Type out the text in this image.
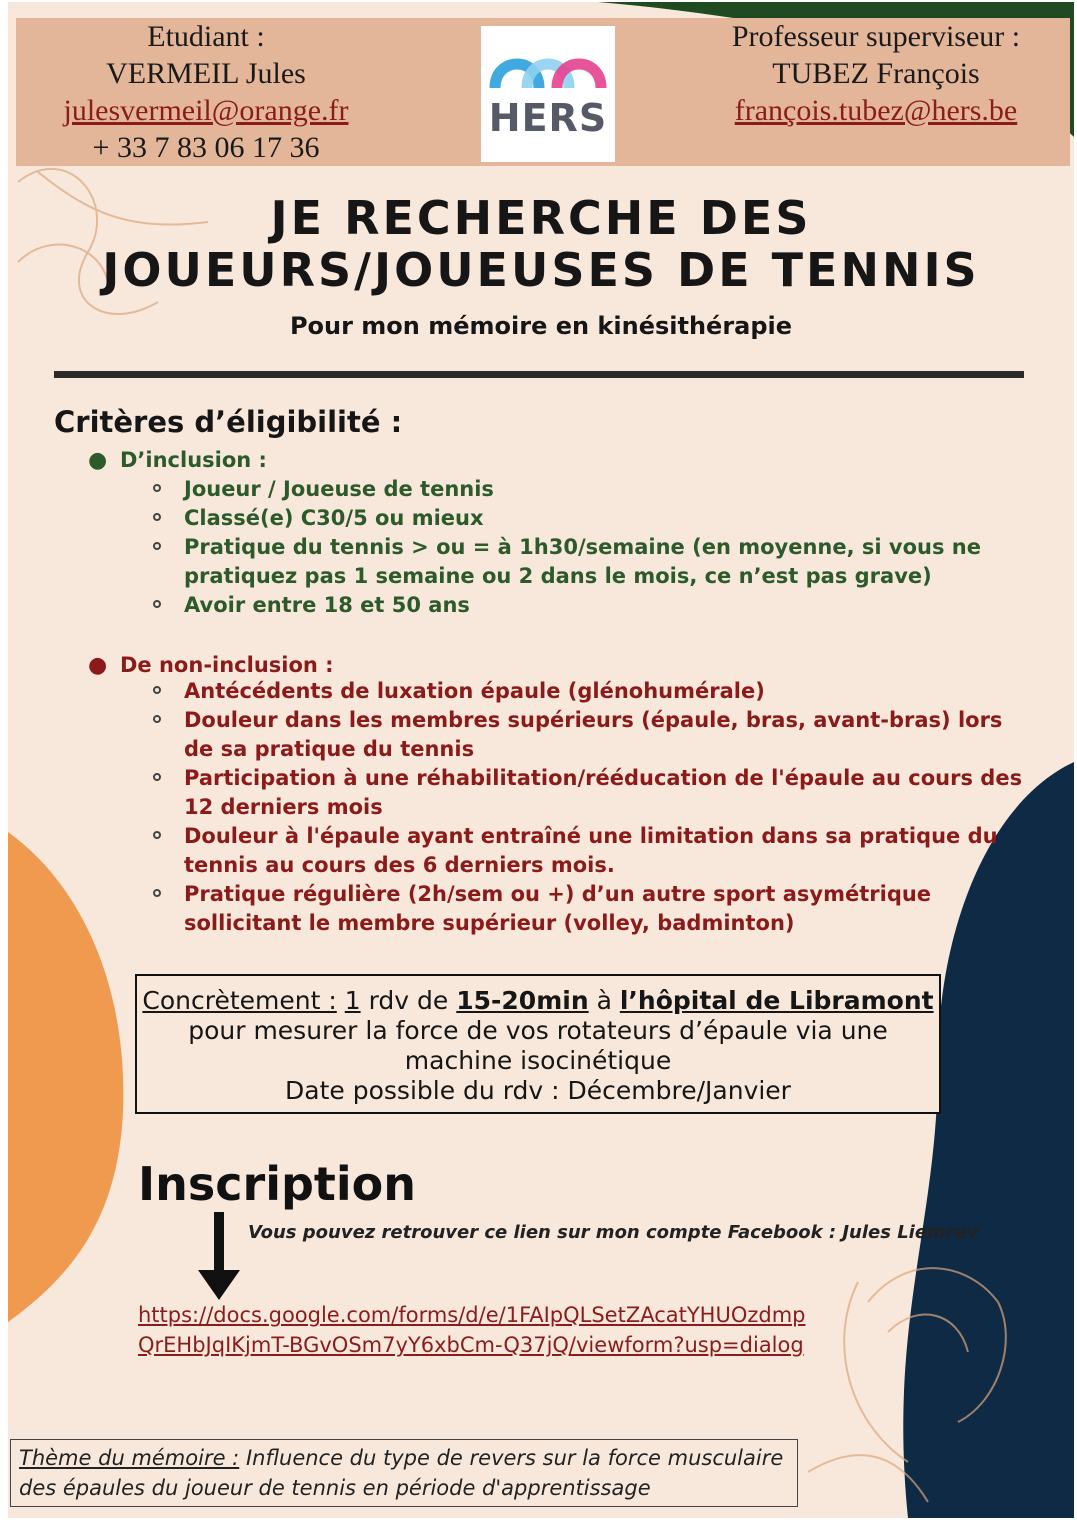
Etudiant :
VERMEIL Jules
julesvermeil@orange.fr
+ 33 7 83 06 17 36
HERS
Professeur superviseur :
TUBEZ François
françois.tubez@hers.be
JE RECHERCHE DES
JOUEURS/JOUEUSES DE TENNIS
Pour mon mémoire en kinésithérapie
Critères d’éligibilité :
● D’inclusion :
Joueur / Joueuse de tennis
Classé(e) C30/5 ou mieux
Pratique du tennis > ou = à 1h30/semaine (en moyenne, si vous ne pratiquez pas 1 semaine ou 2 dans le mois, ce n’est pas grave)
Avoir entre 18 et 50 ans
● De non-inclusion :
Antécédents de luxation épaule (glénohumérale)
Douleur dans les membres supérieurs (épaule, bras, avant-bras) lors de sa pratique du tennis
Participation à une réhabilitation/rééducation de l'épaule au cours des 12 derniers mois
Douleur à l'épaule ayant entraîné une limitation dans sa pratique du tennis au cours des 6 derniers mois.
Pratique régulière (2h/sem ou +) d’un autre sport asymétrique sollicitant le membre supérieur (volley, badminton)
Concrètement : 1 rdv de 15-20min à l’hôpital de Libramont
pour mesurer la force de vos rotateurs d’épaule via une
machine isocinétique
Date possible du rdv : Décembre/Janvier
Inscription
Vous pouvez retrouver ce lien sur mon compte Facebook : Jules Liemrev
https://docs.google.com/forms/d/e/1FAIpQLSetZAcatYHUOzdmp
QrEHbJqIKjmT-BGvOSm7yY6xbCm-Q37jQ/viewform?usp=dialog
Thème du mémoire : Influence du type de revers sur la force musculaire des épaules du joueur de tennis en période d'apprentissage
